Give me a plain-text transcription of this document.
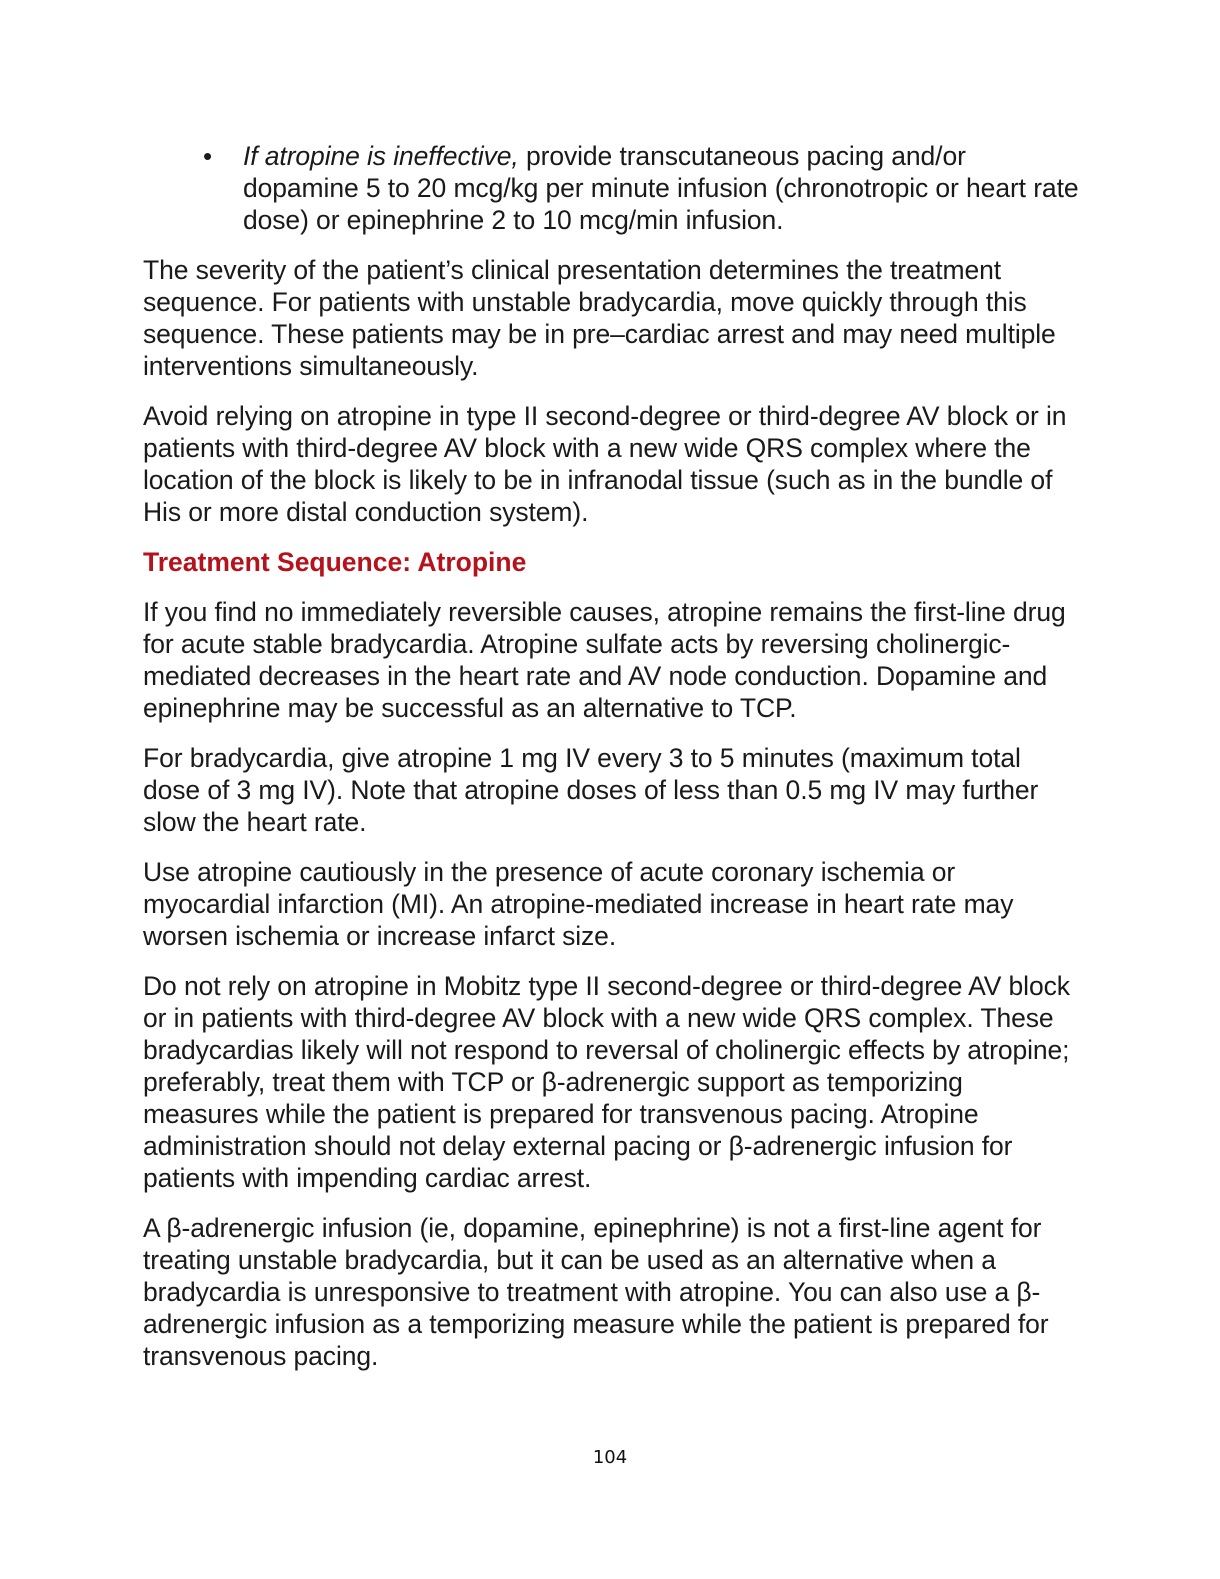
• If atropine is ineffective, provide transcutaneous pacing and/or dopamine 5 to 20 mcg/kg per minute infusion (chronotropic or heart rate dose) or epinephrine 2 to 10 mcg/min infusion.

The severity of the patient’s clinical presentation determines the treatment sequence. For patients with unstable bradycardia, move quickly through this sequence. These patients may be in pre–cardiac arrest and may need multiple interventions simultaneously.

Avoid relying on atropine in type II second-degree or third-degree AV block or in patients with third-degree AV block with a new wide QRS complex where the location of the block is likely to be in infranodal tissue (such as in the bundle of His or more distal conduction system).

Treatment Sequence: Atropine

If you find no immediately reversible causes, atropine remains the first-line drug for acute stable bradycardia. Atropine sulfate acts by reversing cholinergic-mediated decreases in the heart rate and AV node conduction. Dopamine and epinephrine may be successful as an alternative to TCP.

For bradycardia, give atropine 1 mg IV every 3 to 5 minutes (maximum total dose of 3 mg IV). Note that atropine doses of less than 0.5 mg IV may further slow the heart rate.

Use atropine cautiously in the presence of acute coronary ischemia or myocardial infarction (MI). An atropine-mediated increase in heart rate may worsen ischemia or increase infarct size.

Do not rely on atropine in Mobitz type II second-degree or third-degree AV block or in patients with third-degree AV block with a new wide QRS complex. These bradycardias likely will not respond to reversal of cholinergic effects by atropine; preferably, treat them with TCP or β-adrenergic support as temporizing measures while the patient is prepared for transvenous pacing. Atropine administration should not delay external pacing or β-adrenergic infusion for patients with impending cardiac arrest.

A β-adrenergic infusion (ie, dopamine, epinephrine) is not a first-line agent for treating unstable bradycardia, but it can be used as an alternative when a bradycardia is unresponsive to treatment with atropine. You can also use a β-adrenergic infusion as a temporizing measure while the patient is prepared for transvenous pacing.

104
